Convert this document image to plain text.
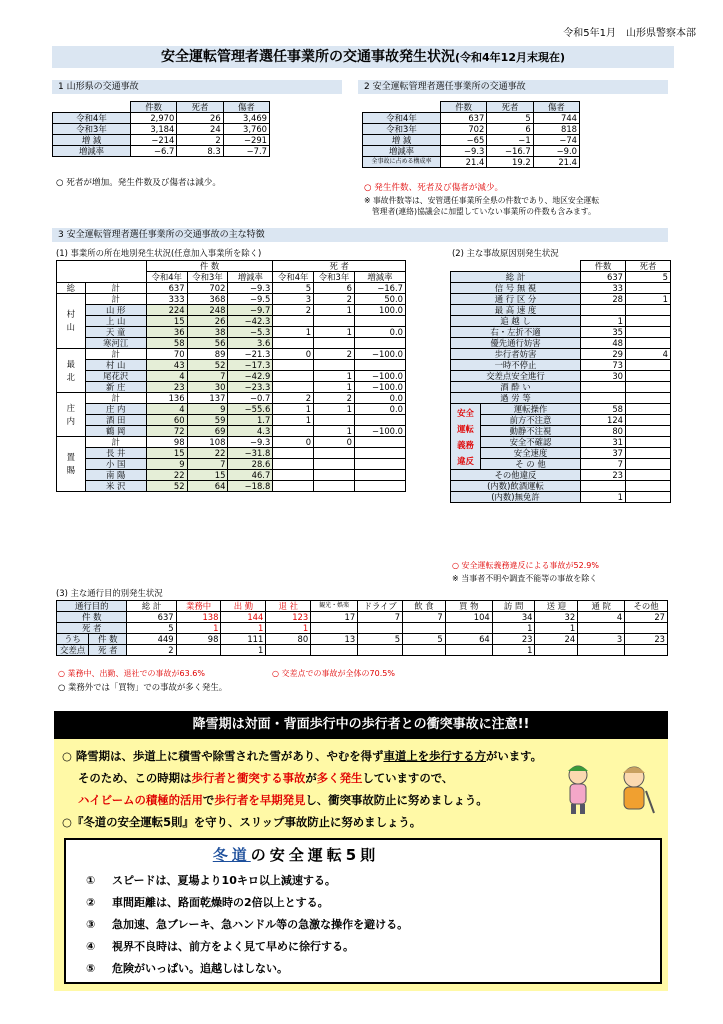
令和5年1月　 山形県警察本部
安全運転管理者選任事業所の交通事故発生状況(令和4年12月末現在)
1 山形県の交通事故
	件数	死者	傷者
令和4年	2,970	26	3,469
令和3年	3,184	24	3,760
増 減	−214	2	−291
増減率	−6.7	8.3	−7.7
○ 死者が増加。発生件数及び傷者は減少。
2 安全運転管理者選任事業所の交通事故
	件数	死者	傷者
令和4年	637	5	744
令和3年	702	6	818
増 減	−65	−1	−74
増減率	−9.3	−16.7	−9.0
全事故に占める構成率	21.4	19.2	21.4
○ 発生件数、死者及び傷者が減少。
※ 事故件数等は、安管選任事業所全県の件数であり、地区安全運転
管理者(連絡)協議会に加盟していない事業所の件数も含みます。
3 安全運転管理者選任事業所の交通事故の主な特徴
(1) 事業所の所在地別発生状況(任意加入事業所を除く)
		件 数			死 者		
		令和4年	令和3年	増減率	令和4年	令和3年	増減率
総	計	637	702	−9.3	5	6	−16.7
村
山	計	333	368	−9.5	3	2	50.0
	山 形	224	248	−9.7	2	1	100.0
	上 山	15	26	−42.3			
	天 童	36	38	−5.3	1	1	0.0
	寒河江	58	56	3.6			
最
北	計	70	89	−21.3	0	2	−100.0
	村 山	43	52	−17.3			
	尾花沢	4	7	−42.9		1	−100.0
	新 庄	23	30	−23.3		1	−100.0
庄
内	計	136	137	−0.7	2	2	0.0
	庄 内	4	9	−55.6	1	1	0.0
	酒 田	60	59	1.7	1		
	鶴 岡	72	69	4.3		1	−100.0
置
賜	計	98	108	−9.3	0	0	
	長 井	15	22	−31.8			
	小 国	9	7	28.6			
	南 陽	22	15	46.7			
	米 沢	52	64	−18.8			
(2) 主な事故原因別発生状況
		件数	死者
総 計		637	5
信 号 無 視		33	
通 行 区 分		28	1
最 高 速 度			
追 越 し		1	
右・左折不適		35	
優先通行妨害		48	
歩行者妨害		29	4
一時不停止		73	
交差点安全進行		30	
酒 酔 い			
過 労 等			
安全
運転
義務
違反	運転操作	58	
	前方不注意	124	
	動静不注視	80	
	安全不確認	31	
	安全速度	37	
	そ の 他	7	
その他違反		23	
(内数)飲酒運転			
(内数)無免許		1	
○ 安全運転義務違反による事故が52.9%
※ 当事者不明や調査不能等の事故を除く
(3) 主な通行目的別発生状況
通行目的		総 計	業務中	出 勤	退 社	観光・娯楽	ドライブ	飲 食	買 物	訪 問	送 迎	通 院	その他
件 数		637	138	144	123	17	7	7	104	34	32	4	27
死 者		5	1	1	1					1	1		
うち	件 数	449	98	111	80	13	5	5	64	23	24	3	23
交差点	死 者	2		1						1			
○ 業務中、出勤、退社での事故が63.6%	○ 交差点での事故が全体の70.5%
○ 業務外では「買物」での事故が多く発生。
降雪期は対面・背面歩行中の歩行者との衝突事故に注意!!
○ 降雪期は、歩道上に積雪や除雪された雪があり、やむを得ず車道上を歩行する方がいます。
そのため、この時期は歩行者と衝突する事故が多く発生していますので、
ハイビームの積極的活用で歩行者を早期発見し、衝突事故防止に努めましょう。
○『冬道の安全運転5則』を守り、スリップ事故防止に努めましょう。
冬道の安全運転5則
① スピードは、夏場より10キロ以上減速する。
② 車間距離は、路面乾燥時の2倍以上とする。
③ 急加速、急ブレーキ、急ハンドル等の急激な操作を避ける。
④ 視界不良時は、前方をよく見て早めに徐行する。
⑤ 危険がいっぱい。追越しはしない。
